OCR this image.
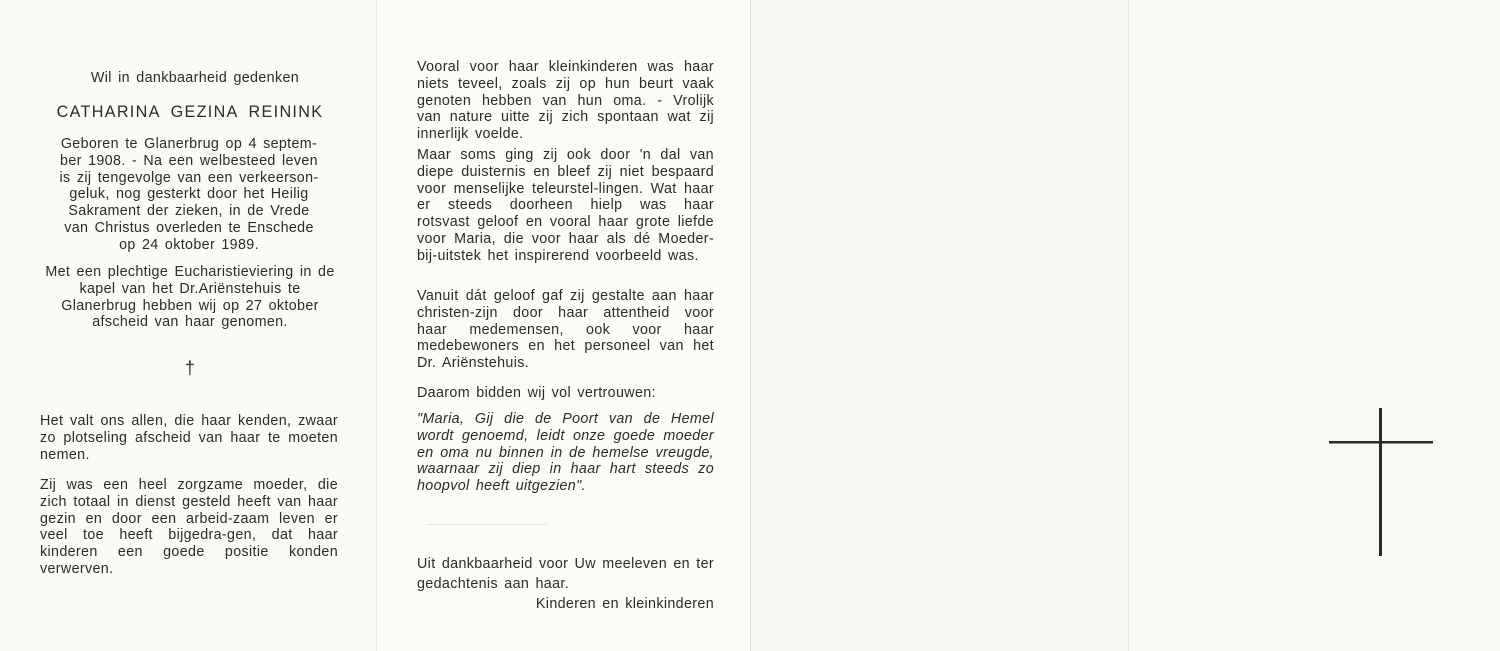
Wil in dankbaarheid gedenken
CATHARINA GEZINA REININK
Geboren te Glanerbrug op 4 septem-
ber 1908. - Na een welbesteed leven
is zij tengevolge van een verkeerson-
geluk, nog gesterkt door het Heilig
Sakrament der zieken, in de Vrede
van Christus overleden te Enschede
op 24 oktober 1989.
Met een plechtige Eucharistieviering in de kapel van het Dr.Ariënstehuis te Glanerbrug hebben wij op 27 oktober afscheid van haar genomen.
†
Het valt ons allen, die haar kenden, zwaar zo plotseling afscheid van haar te moeten nemen.
Zij was een heel zorgzame moeder, die zich totaal in dienst gesteld heeft van haar gezin en door een arbeid-zaam leven er veel toe heeft bijgedra-gen, dat haar kinderen een goede positie konden verwerven.
Vooral voor haar kleinkinderen was haar niets teveel, zoals zij op hun beurt vaak genoten hebben van hun oma. - Vrolijk van nature uitte zij zich spontaan wat zij innerlijk voelde.
Maar soms ging zij ook door 'n dal van diepe duisternis en bleef zij niet bespaard voor menselijke teleurstel-lingen. Wat haar er steeds doorheen hielp was haar rotsvast geloof en vooral haar grote liefde voor Maria, die voor haar als dé Moeder-bij-uitstek het inspirerend voorbeeld was.
Vanuit dát geloof gaf zij gestalte aan haar christen-zijn door haar attentheid voor haar medemensen, ook voor haar medebewoners en het personeel van het Dr. Ariënstehuis.
Daarom bidden wij vol vertrouwen:
"Maria, Gij die de Poort van de Hemel wordt genoemd, leidt onze goede moeder en oma nu binnen in de hemelse vreugde, waarnaar zij diep in haar hart steeds zo hoopvol heeft uitgezien".
Uit dankbaarheid voor Uw meeleven en ter gedachtenis aan haar.
Kinderen en kleinkinderen
